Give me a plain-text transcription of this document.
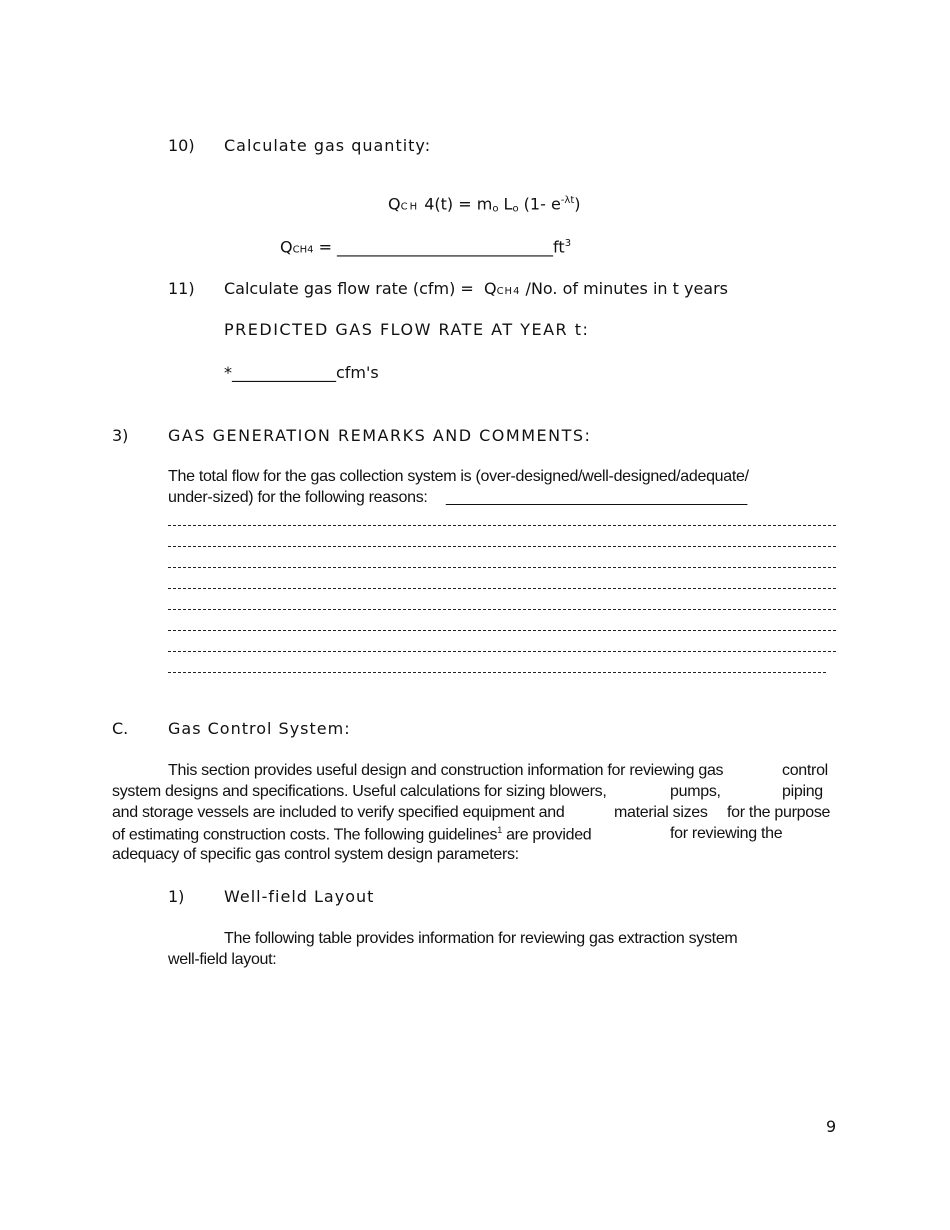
10) Calculate gas quantity:
QCH 4(t) = mo Lo (1- $e^{-\lambda t}$)
$QCH4 = \_\_\_\_\_\_\_\_\_\_\_\_\_\_\_\_\_\_\_\_\_\_\_\_\_\_\_ft^3$
11) Calculate gas flow rate (cfm) = QCH4 /No. of minutes in t years
PREDICTED GAS FLOW RATE AT YEAR t:
*_____________cfm's
3) GAS GENERATION REMARKS AND COMMENTS:
The total flow for the gas collection system is (over-designed/well-designed/adequate/
under-sized) for the following reasons: ___________________________________
C. Gas Control System:
This section provides useful design and construction information for reviewing gas	control
system designs and specifications. Useful calculations for sizing blowers,	pumps,	piping
and storage vessels are included to verify specified equipment and	material sizes for the purpose
of estimating construction costs. The following guidelines$^1$ are provided	for reviewing the
adequacy of specific gas control system design parameters:
1) Well-field Layout
The following table provides information for reviewing gas extraction system
well-field layout:
9
